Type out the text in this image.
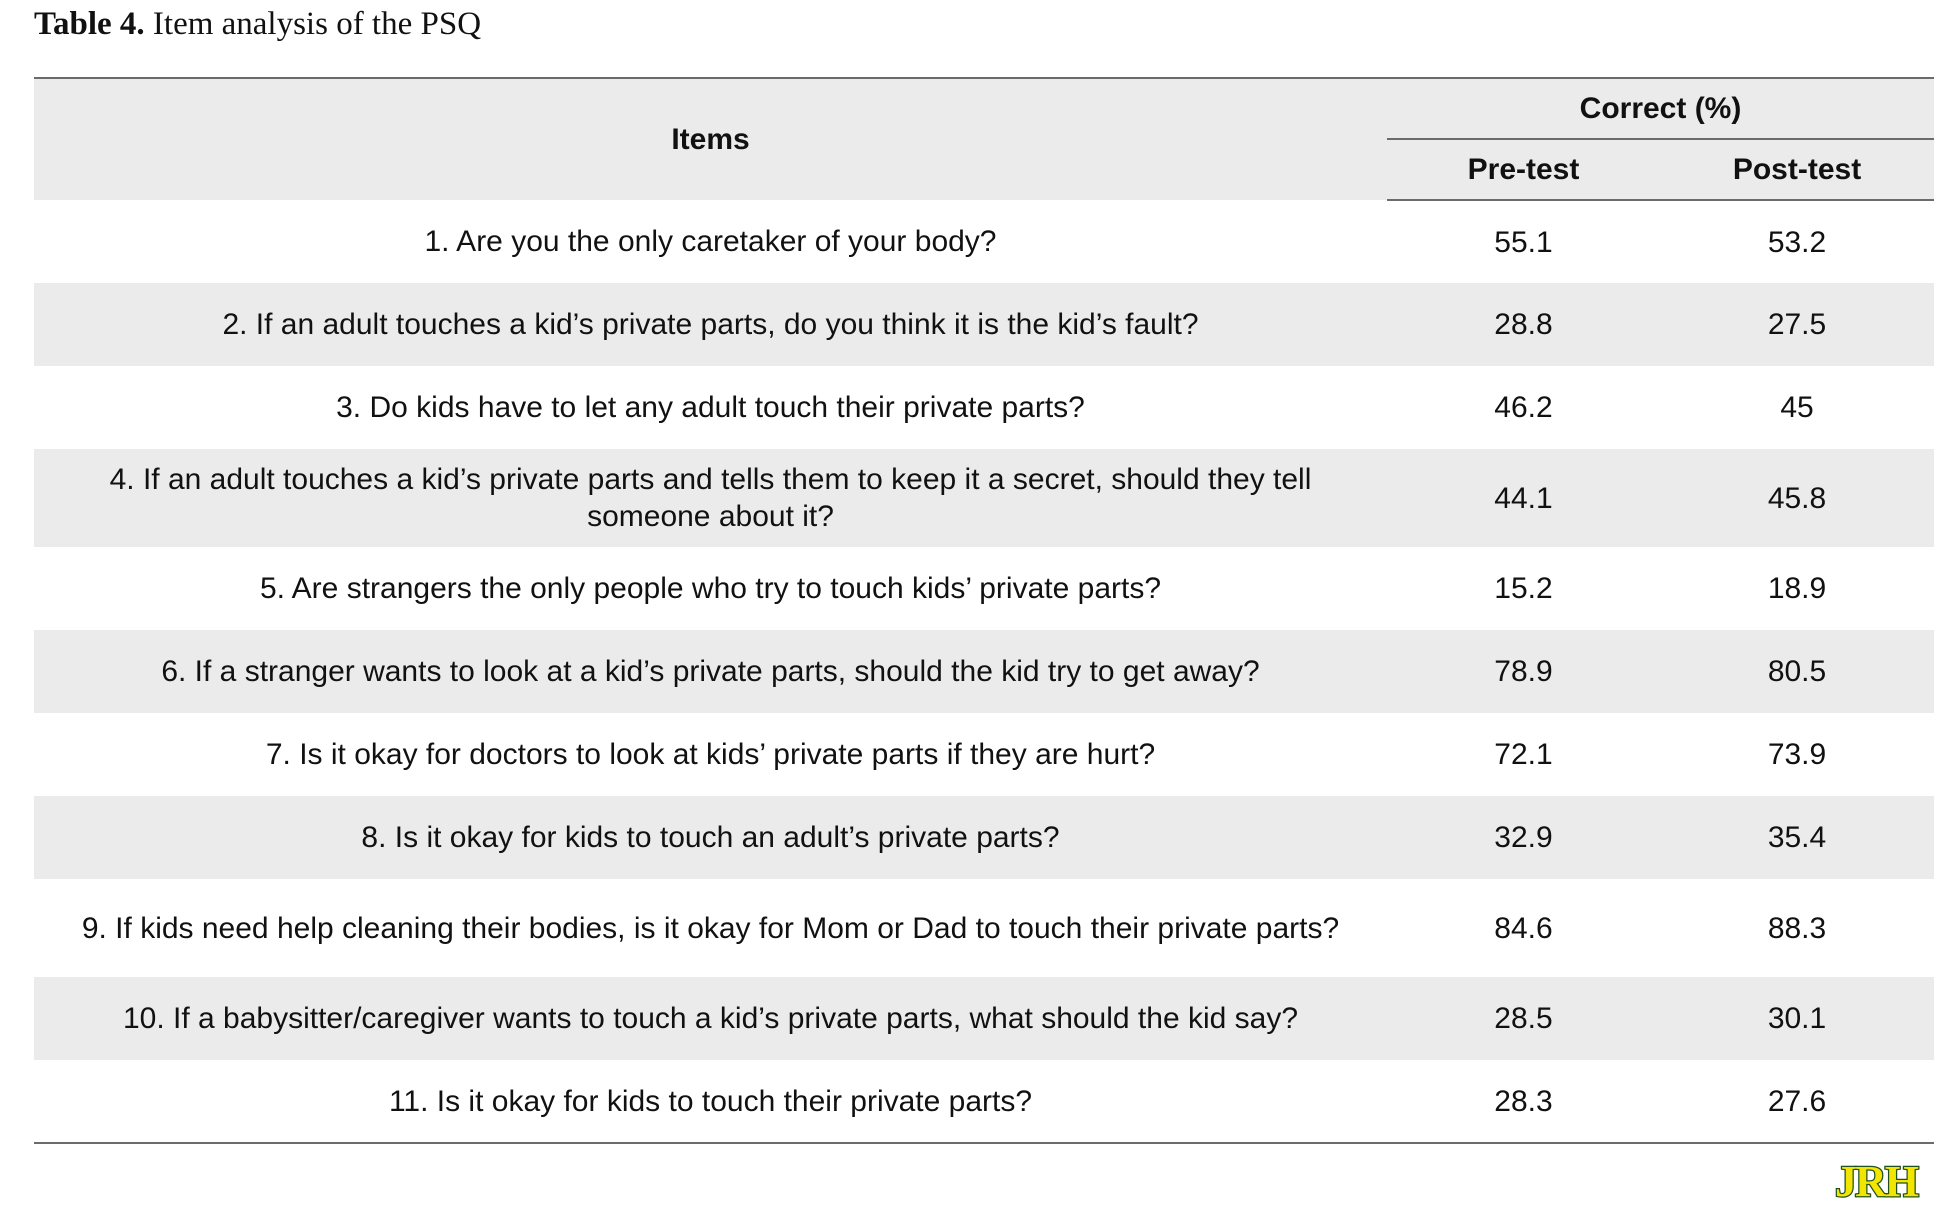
Table 4. Item analysis of the PSQ
Items	Correct (%)	
	Pre-test	Post-test
1. Are you the only caretaker of your body?	55.1	53.2
2. If an adult touches a kid’s private parts, do you think it is the kid’s fault?	28.8	27.5
3. Do kids have to let any adult touch their private parts?	46.2	45
4. If an adult touches a kid’s private parts and tells them to keep it a secret, should they tell someone about it?	44.1	45.8
5. Are strangers the only people who try to touch kids’ private parts?	15.2	18.9
6. If a stranger wants to look at a kid’s private parts, should the kid try to get away?	78.9	80.5
7. Is it okay for doctors to look at kids’ private parts if they are hurt?	72.1	73.9
8. Is it okay for kids to touch an adult’s private parts?	32.9	35.4
9. If kids need help cleaning their bodies, is it okay for Mom or Dad to touch their private parts?	84.6	88.3
10. If a babysitter/caregiver wants to touch a kid’s private parts, what should the kid say?	28.5	30.1
11. Is it okay for kids to touch their private parts?	28.3	27.6
JRH
